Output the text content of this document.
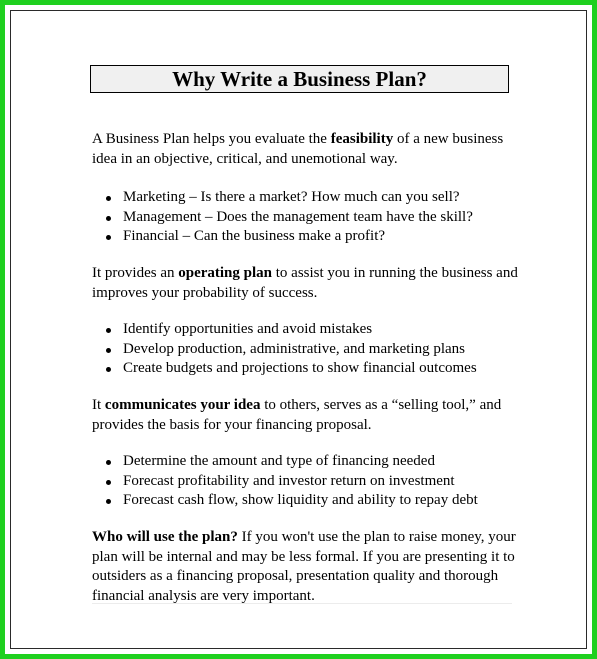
Why Write a Business Plan?
A Business Plan helps you evaluate the feasibility of a new business idea in an objective, critical, and unemotional way.
Marketing – Is there a market? How much can you sell?
Management – Does the management team have the skill?
Financial – Can the business make a profit?
It provides an operating plan to assist you in running the business and improves your probability of success.
Identify opportunities and avoid mistakes
Develop production, administrative, and marketing plans
Create budgets and projections to show financial outcomes
It communicates your idea to others, serves as a “selling tool,” and provides the basis for your financing proposal.
Determine the amount and type of financing needed
Forecast profitability and investor return on investment
Forecast cash flow, show liquidity and ability to repay debt
Who will use the plan? If you won't use the plan to raise money, your plan will be internal and may be less formal. If you are presenting it to outsiders as a financing proposal, presentation quality and thorough financial analysis are very important.
